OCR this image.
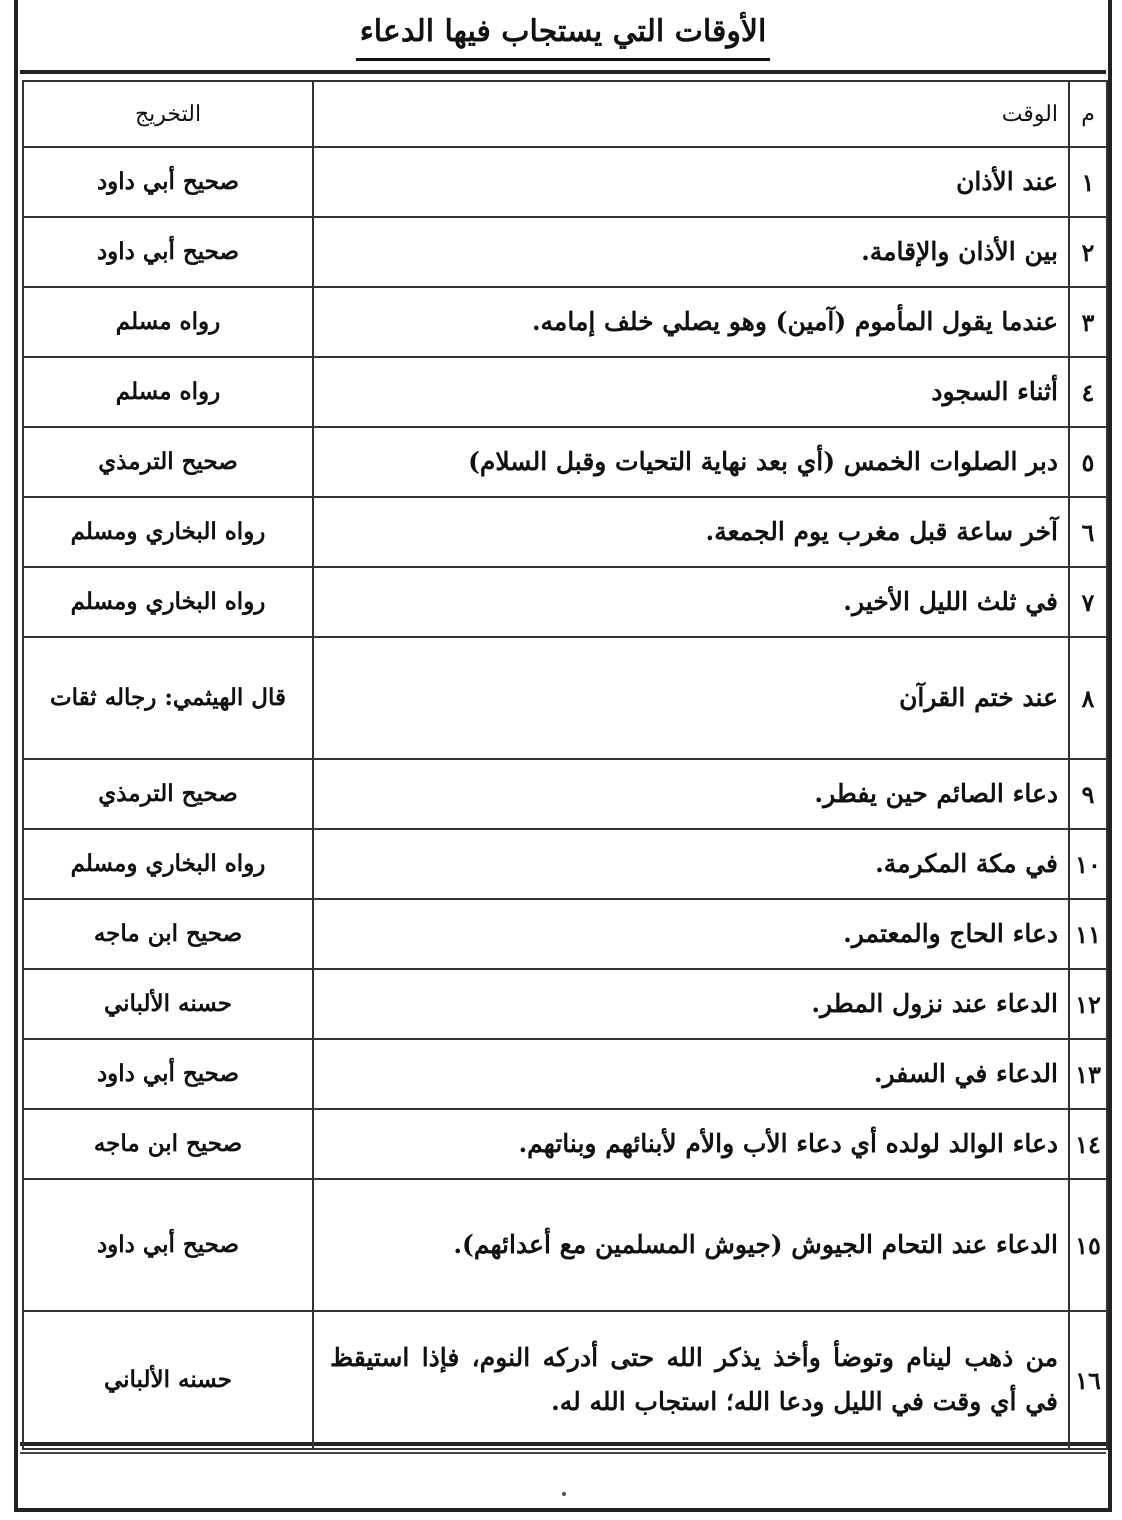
الأوقات التي يستجاب فيها الدعاء
م	الوقت	التخريج
١	عند الأذان	صحيح أبي داود
٢	بين الأذان والإقامة.	صحيح أبي داود
٣	عندما يقول المأموم (آمين) وهو يصلي خلف إمامه.	رواه مسلم
٤	أثناء السجود	رواه مسلم
٥	دبر الصلوات الخمس (أي بعد نهاية التحيات وقبل السلام)	صحيح الترمذي
٦	آخر ساعة قبل مغرب يوم الجمعة.	رواه البخاري ومسلم
٧	في ثلث الليل الأخير.	رواه البخاري ومسلم
٨	عند ختم القرآن	قال الهيثمي: رجاله ثقات
٩	دعاء الصائم حين يفطر.	صحيح الترمذي
١٠	في مكة المكرمة.	رواه البخاري ومسلم
١١	دعاء الحاج والمعتمر.	صحيح ابن ماجه
١٢	الدعاء عند نزول المطر.	حسنه الألباني
١٣	الدعاء في السفر.	صحيح أبي داود
١٤	دعاء الوالد لولده أي دعاء الأب والأم لأبنائهم وبناتهم.	صحيح ابن ماجه
١٥	الدعاء عند التحام الجيوش (جيوش المسلمين مع أعدائهم).	صحيح أبي داود
١٦	من ذهب لينام وتوضأ وأخذ يذكر الله حتى أدركه النوم، فإذا استيقظ في أي وقت في الليل ودعا الله؛ استجاب الله له.	حسنه الألباني
